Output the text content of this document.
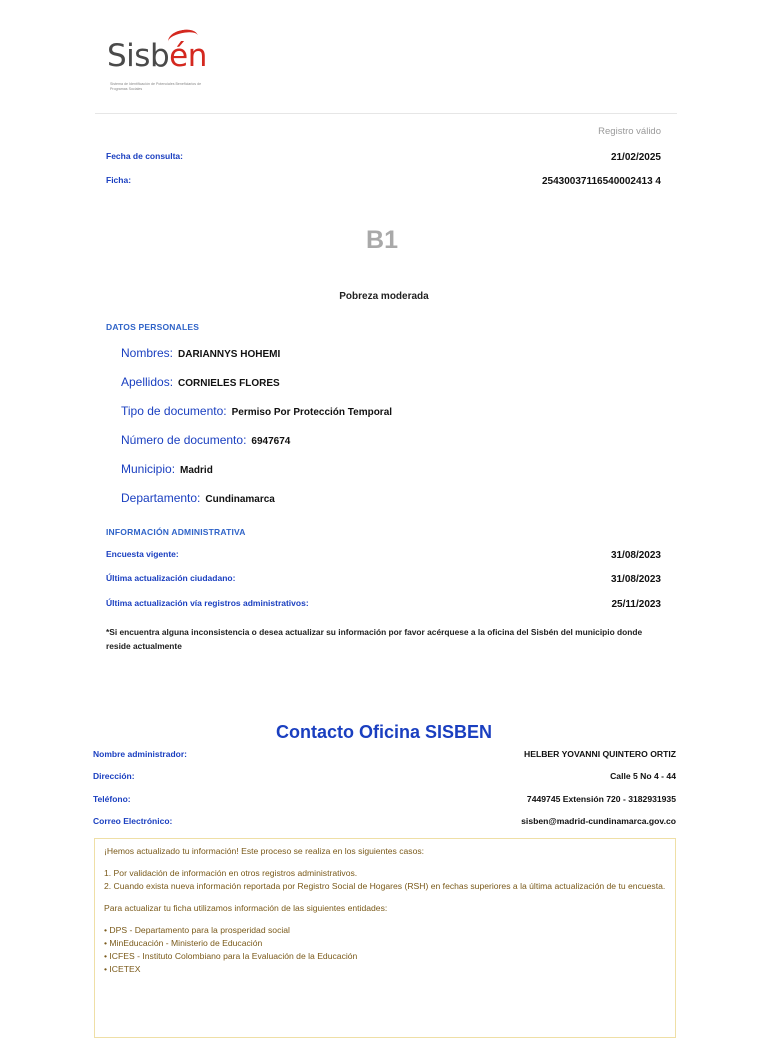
Sisbén
Sistema de Identificación de Potenciales Beneficiarios de Programas Sociales
Registro válido
Fecha de consulta:	21/02/2025
Ficha:	25430037116540002413 4
B1
Pobreza moderada
DATOS PERSONALES
Nombres: DARIANNYS HOHEMI
Apellidos: CORNIELES FLORES
Tipo de documento: Permiso Por Protección Temporal
Número de documento: 6947674
Municipio: Madrid
Departamento: Cundinamarca
INFORMACIÓN ADMINISTRATIVA
Encuesta vigente:	31/08/2023
Última actualización ciudadano:	31/08/2023
Última actualización vía registros administrativos:	25/11/2023
*Si encuentra alguna inconsistencia o desea actualizar su información por favor acérquese a la oficina del Sisbén del municipio donde reside actualmente
Contacto Oficina SISBEN
Nombre administrador:	HELBER YOVANNI QUINTERO ORTIZ
Dirección:	Calle 5 No 4 - 44
Teléfono:	7449745 Extensión 720 - 3182931935
Correo Electrónico:	sisben@madrid-cundinamarca.gov.co

¡Hemos actualizado tu información! Este proceso se realiza en los siguientes casos:

1. Por validación de información en otros registros administrativos.

2. Cuando exista nueva información reportada por Registro Social de Hogares (RSH) en fechas superiores a la última actualización de tu encuesta.

Para actualizar tu ficha utilizamos información de las siguientes entidades:

• DPS - Departamento para la prosperidad social
• MinEducación - Ministerio de Educación
• ICFES - Instituto Colombiano para la Evaluación de la Educación
• ICETEX
